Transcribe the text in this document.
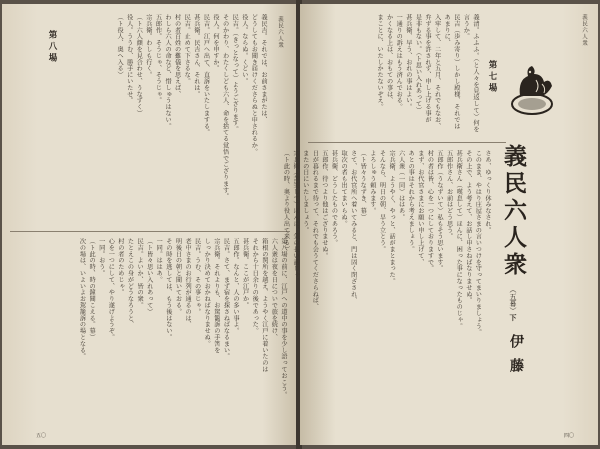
義民六人衆
第八場	義民吉。それでは、お前さまがたは、
どうしてもお聞き届けくださらぬと申されるか。
役人。ならぬ。くどい。
民吉。（きっとなって）ようござります。
そのかわり、わたくしども六人、命を捨てる覚悟でござります。
役人。何を申すか。
民吉。江戸へ出て、直訴をいたしまする。
甚兵衛。民吉さん、それは。
民吉。止めて下さるな。
村の者百姓の難儀を思えば、
わしら六人の命など、惜しゅうはない。
五郎作。そうじゃ、そうじゃ。
宗兵衛。わしも行く。
（ト六人顔を見合わせ、うなずく）
役人。ううむ、勝手にいたせ。
（ト役人、奥へ入る）
第八場の前に、江戸への道中の事を少し語っておこう。
六人衆は夜を日についで旅を続け、
箱根の関所を越え、ようやく江戸に着いたのは
それから十日余りの後であった。
甚兵衛。ここが江戸か。
五郎作。なんと、人の多い事よ。
民吉。さて、まず宿を探さねばなるまい。
宗兵衛。それよりも、お駕籠訴の手筈を
しっかり決めておかねばなりませぬ。
民吉。うむ、その事じゃ。
老中さまのお行列が通るのは、
明後日の朝と聞いておる。
その時を逃しては、もう後はない。
一同。ははあ。
（ト皆々思い入れあって）
民吉。よいか、皆の衆。
たとえこの身がどうなろうと、
村の者のためじゃ。
心を一つにして、やり遂げようぞ。
一同。おう。
（ト此の時、時の鐘聞こえる。幕）
次の場は、いよいよお駕籠訴の場となる。
五〇
義民六人衆
第七場
義清。ふふふ。（と人々を見返して）何を言うか。
民吉（歩み寄り）しかし殿様、それではあまりに、
入牢して、二年と五月、それでもなお、
弁ずる事を許されず、申し上げる事が
是非もない。（ト思い入れあって）
甚兵衛、早う、おれの事はよい。
一通りの訴えはもう済んでおる。
かくなる上は、おもての事は、
まことに、いたしかたないぞえ。
義民六人衆
（五幕）
下
伊藤
さあ、ゆっくり休みなされ。
このまま、やはり庄屋さまの言いつけを守ってまいりましょう。
その上で、よう考えて、お話し申さねばなりませぬ。
甚兵衛さん（嘆息して）ほんに、困った事になったものじゃ。
五郎作さん、お前はどう思う。
五郎作（うなずいて）私もそう思います。
村の者は皆、心を一つにしておりますで。
まず、お代官さまにお願い申し上げて、
あとの事はそれから考えましょう。
六人衆（一同）ははあ。
宗兵衛、ようやく、やっと、話がまとまった。
そんなら、明日の朝、早う立とう。
よろしゅう頼みます。
（ト皆々うなずき、幕）
さて、お代官所へ着いてみると、門は固く閉ざされ、
取次の者も出てまいらぬ。
甚兵衛、どうしたものであろう。
五郎作、待つより他はござりませぬ。
日が暮れるまで待って、それでも会うてくださらねば、
またの日にいたしましょう。
宗兵衛（苦笑して）ほんに、気の長い話じゃ。
（ト此の時、奥より役人出て来る）
四〇
